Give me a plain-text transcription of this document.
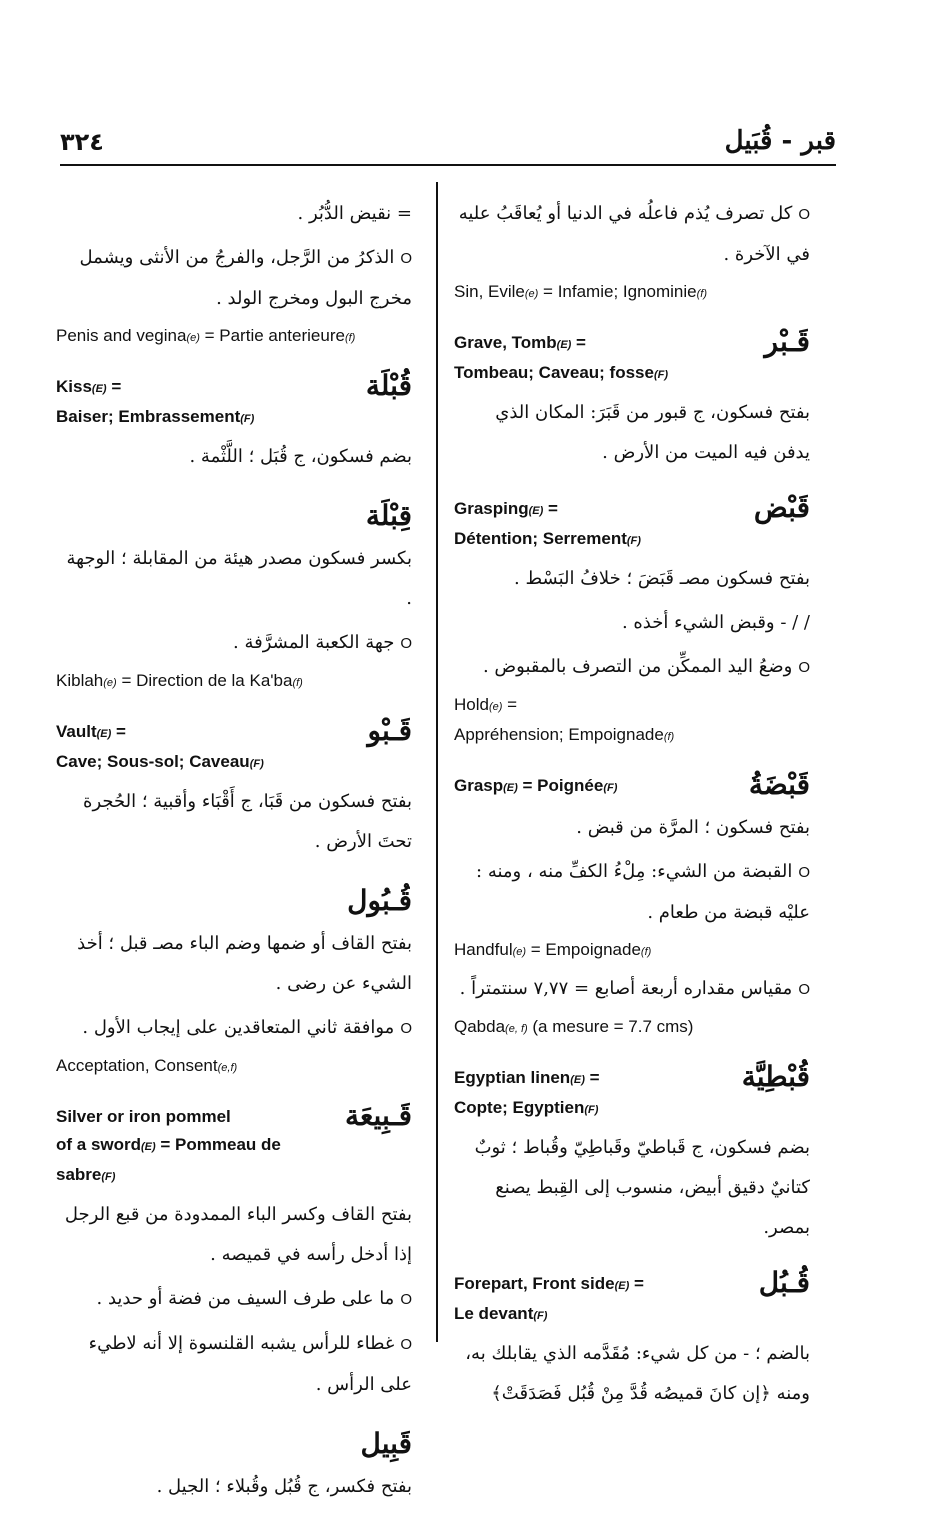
٣٢٤	قبر - قُبَيل
O كل تصرف يُذم فاعلُه في الدنيا أو يُعاقَبُ عليه في الآخرة .
Sin, Evile(e) = Infamie; Ignominie(f)
قَـبْر
Grave, Tomb(E) =
Tombeau; Caveau; fosse(F)
بفتح فسكون، ج قبور من قَبَرَ: المكان الذي يدفن فيه الميت من الأرض .
قَبْض
Grasping(E) =
Détention; Serrement(F)
بفتح فسكون مصـ قَبَضَ ؛ خلافُ البَسْط .
/ / - وقبض الشيء أخذه .
O وضعُ اليد الممكِّن من التصرف بالمقبوض .
Hold(e) =
Appréhension; Empoignade(f)
قَبْضَةُ
Grasp(E) = Poignée(F)
بفتح فسكون ؛ المرَّة من قبض .
O القبضة من الشيء: مِلْءُ الكفِّ منه ، ومنه : عليْه قبضة من طعام .
Handful(e) = Empoignade(f)
O مقياس مقداره أربعة أصابع = ٧,٧٧ سنتمتراً .
Qabda(e, f) (a mesure = 7.7 cms)
قُبْطِيَّة
Egyptian linen(E) =
Copte; Egyptien(F)
بضم فسكون، ج قَباطيّ وقَباطِيّ وقُباط ؛ ثوبٌ كتانيٌ دقيق أبيض، منسوب إلى القِبط يصنع بمصر.
قُـبُل
Forepart, Front side(E) =
Le devant(F)
بالضم ؛ - من كل شيء: مُقَدَّمه الذي يقابلك به، ومنه ﴿إن كانَ قميصُه قُدَّ مِنْ قُبُل فَصَدَقَتْ﴾
= نقيض الدُّبُر .
O الذكرُ من الرَّجل، والفرجُ من الأنثى ويشمل مخرج البول ومخرج الولد .
Penis and vegina(e) = Partie anterieure(f)
قُبْلَة
Kiss(E) =
Baiser; Embrassement(F)
بضم فسكون، ج قُبَل ؛ اللَّثْمة .
قِبْلَة
بكسر فسكون مصدر هيئة من المقابلة ؛ الوجهة .
O جهة الكعبة المشرَّفة .
Kiblah(e) = Direction de la Ka'ba(f)
قَـبْو
Vault(E) =
Cave; Sous-sol; Caveau(F)
بفتح فسكون من قَبَا، ج أَقْبَاء وأقبية ؛ الحُجرة تحتَ الأرض .
قُـبُول
بفتح القاف أو ضمها وضم الباء مصـ قبل ؛ أخذ الشيء عن رضى .
O موافقة ثاني المتعاقدين على إيجاب الأول .
Acceptation, Consent(e,f)
قَـبِيعَة
Silver or iron pommel
of a sword(E) = Pommeau de sabre(F)
بفتح القاف وكسر الباء الممدودة من قبع الرجل إذا أدخل رأسه في قميصه .
O ما على طرف السيف من فضة أو حديد .
O غطاء للرأس يشبه القلنسوة إلا أنه لاطيء على الرأس .
قَبِيل
بفتح فكسر، ج قُبُل وقُبلاء ؛ الجيل .
